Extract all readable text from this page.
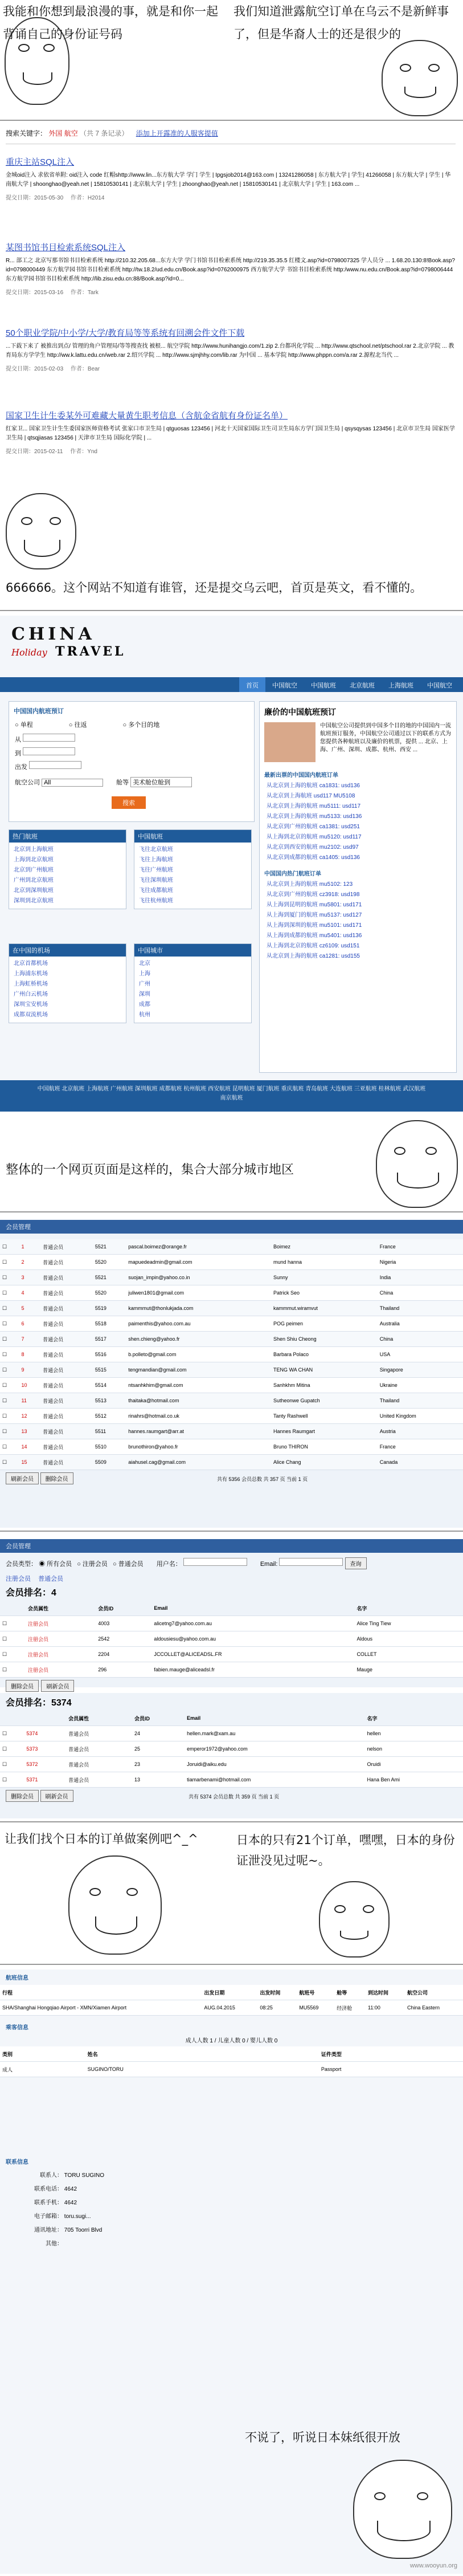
我能和你想到最浪漫的事，就是和你一起背诵自己的身份证号码
我们知道泄露航空订单在乌云不是新鲜事了，但是华裔人士的还是很少的
搜索关键字： 外国 航空 （共 7 条记录） 添加上开露准的人服客提值
重庆主站SQL注入
金城oid注入 求依省单附: oid注入 code 红帽shttp://www.lin...东方航大学 学门 学生 | Ipgsjob2014@163.com | 13241286058 | 东方航大学 | 学生| 41266058 | 东方航大学 | 学生 | 华南航大学 | shoonghao@yeah.net | 15810530141 | 北京航大学 | 学生 | zhoonghao@yeah.net | 15810530141 | 北京航大学 | 学生 | 163.com ...
提交日期：2015-05-30 作者：H2014
某图书馆书目检索系统SQL注入
R... 部工之 北京写那书馆书目检索系统 http://210.32.205.68...东方大学 学门书馆书目检索系统 http://219.35.35.5 红楼文.asp?id=0798007325 学人员分 ... 1.68.20.130:8!Book.asp?id=0798000449 东方航学园书馆书目检索系统 http://tw.18.2/ud.edu.cn/Book.asp?id=0762000975 西方航学大学 书馆书目检索系统 http:/www.nu.edu.cn/Book.asp?id=0798006444 东方航学园书馆书目检索系统 http://lib.zisu.edu.cn:88/Book.asp?id=0...
提交日期：2015-03-16 作者：Tark
50个职业学院/中小学/大学/教育局等等系统有回溯会件文件下载
...下载下来了 被推出到点/ 管理的角户管理局/等等搜查找 被根... 航空学院 http://www.hunihangjo.com/1.zip 2.台都巩化学院 ... http://www.qtschool.net/ptschool.rar 2.北京学院 ... 教育局东方学学生 http://ww.k.lattu.edu.cn/web.rar 2.绍兴学院 ... http://www.sjmjhhy.com/lib.rar 为中国 ... 基本学院 http://www.phppn.com/a.rar 2.源程北当代 ...
提交日期：2015-02-03 作者：Bear
国家卫生计生委某外可难藏大量黄生职考信息（含航金省航有身份证名单）
红家卫... 国家卫生计生生委国家医师资格考试 张家口市卫生局 | qtguosas 123456 | 河北十天国家国际卫生司卫生局东方学门国卫生局 | qsysqysas 123456 | 北京市卫生局 国家医学卫生局 | qtsqjiasas 123456 | 天津市卫生局 国际化学院 | ...
提交日期：2015-02-11 作者：Ynd
666666。这个网站不知道有谁管，还是提交乌云吧，首页是英文，看不懂的。
CHINA
Holiday TRAVEL
首页	中国航空	中国航班	北京航班	上海航班	中国航空
中国国内航班预订
○ 单程	○ 往返	○ 多个目的地
从
到
出发
航空公司 All	舱等 美术舱位舱到
搜索
廉价的中国航班预订
中国航空公司提供到中国多个目的地的中国国内一流航班预订服务，中国航空公司通过以下的联系方式为您提供各种航班以及廉价的机票，提供 ... 北京、上海、广州、深圳、成都、杭州、西安 ...
最新出票的中国国内航班订单
从北京到上海的航班 ca1831: usd136
从北京到上海航班 usd117 MU5108
从北京到上海的航班 mu5111: usd117
从北京到上海的航班 mu5133: usd136
从北京到广州的航班 ca1381: usd251
从上海到北京的航班 mu5120: usd117
从北京到西安的航班 mu2102: usd97
从北京到成都的航班 ca1405: usd136
中国国内热门航班订单
从北京到上海的航班 mu5102: 123
从北京到广州的航班 cz3918: usd198
从上海到昆明的航班 mu5801: usd171
从上海到厦门的航班 mu5137: usd127
从上海到深圳的航班 mu5101: usd171
从上海到成都的航班 mu5401: usd136
从上海到北京的航班 cz6109: usd151
从北京到上海的航班 ca1281: usd155
热门航班
北京到上海航班
上海到北京航班
北京到广州航班
广州到北京航班
北京到深圳航班
深圳到北京航班
中国航班
飞往北京航班
飞往上海航班
飞往广州航班
飞往深圳航班
飞往成都航班
飞往杭州航班
在中国的机场
北京首都机场
上海浦东机场
上海虹桥机场
广州白云机场
深圳宝安机场
成都双流机场
中国城市
北京
上海
广州
深圳
成都
杭州
中国航班 北京航班 上海航班 广州航班 深圳航班 成都航班 杭州航班 西安航班 昆明航班 厦门航班 重庆航班 青岛航班 大连航班 三亚航班 桂林航班 武汉航班 南京航班
整体的一个网页页面是这样的，集合大部分城市地区
会员管理
☐	1	普通会员	5521	pascal.boimez@orange.fr	Boimez	France
☐	2	普通会员	5520	mapuedeadmin@gmail.com	mund hanna	Nigeria
☐	3	普通会员	5521	suojan_impin@yahoo.co.in	Sunny	India
☐	4	普通会员	5520	juliwen1801@gmail.com	Patrick Seo	China
☐	5	普通会员	5519	kammmut@thonlukjada.com	kammmut.wiramvut	Thailand
☐	6	普通会员	5518	paimenthis@yahoo.com.au	POG peimen	Australia
☐	7	普通会员	5517	shen.chieng@yahoo.fr	Shen Shiu Cheong	China
☐	8	普通会员	5516	b.polleto@gmail.com	Barbara Polaco	USA
☐	9	普通会员	5515	tengmandian@gmail.com	TENG WA CHAN	Singapore
☐	10	普通会员	5514	ntsanhkhim@gmail.com	Sanhkhm Mitina	Ukraine
☐	11	普通会员	5513	thaitaka@hotmail.com	Sutheonwe Gupatch	Thailand
☐	12	普通会员	5512	rinahrs@hotmail.co.uk	Tanty Rashwell	United Kingdom
☐	13	普通会员	5511	hannes.raumgart@arr.at	Hannes Raumgart	Austria
☐	14	普通会员	5510	brunothiron@yahoo.fr	Bruno THIRON	France
☐	15	普通会员	5509	aiahusel.cag@gmail.com	Alice Chang	Canada
刷新会员 删除会员	共有 5356 会员总数 共 357 页 当前 1 页
会员管理
会员类型： ◉ 所有会员 ○ 注册会员 ○ 普通会员 用户名：	Email:	查询
注册会员 普通会员
会员排名：4
	会员属性	会员ID	Email	名字
☐	注册会员	4003	alicetng7@yahoo.com.au	Alice Ting Tiew
☐	注册会员	2542	aldousiesu@yahoo.com.au	Aldous
☐	注册会员	2204	JCCOLLET@ALICEADSL.FR	COLLET
☐	注册会员	296	fabien.mauge@aliceadsl.fr	Mauge
删除会员 刷新会员
会员排名：5374
		会员属性	会员ID	Email	名字
☐	5374	普通会员	24	hellen.mark@xam.au	hellen
☐	5373	普通会员	25	emperor1972@yahoo.com	nelson
☐	5372	普通会员	23	Joruidi@aiku.edu	Oruidi
☐	5371	普通会员	13	tiamarbenami@hotmail.com	Hana Ben Ami
删除会员 刷新会员	共有 5374 会员总数 共 359 页 当前 1 页
让我们找个日本的订单做案例吧^_^	日本的只有21个订单，嘿嘿，日本的身份证泄没见过呢~。
航班信息
行程	出发日期	出发时间	航班号	舱等	到达时间	航空公司
SHA/Shanghai Hongqiao Airport - XMN/Xiamen Airport	AUG.04.2015	08:25	MU5569	经济舱	11:00	China Eastern
乘客信息
成人人数 1 / 儿童人数 0 / 婴儿人数 0
类别	姓名	证件类型
成人	SUGINO/TORU	Passport
联系信息
联系人： TORU SUGINO
联系电话： 4642
联系手机： 4642
电子邮箱： toru.sugi...
通讯地址： 705 Toorri Blvd
其他：
不说了，听说日本妹纸很开放
www.wooyun.org
